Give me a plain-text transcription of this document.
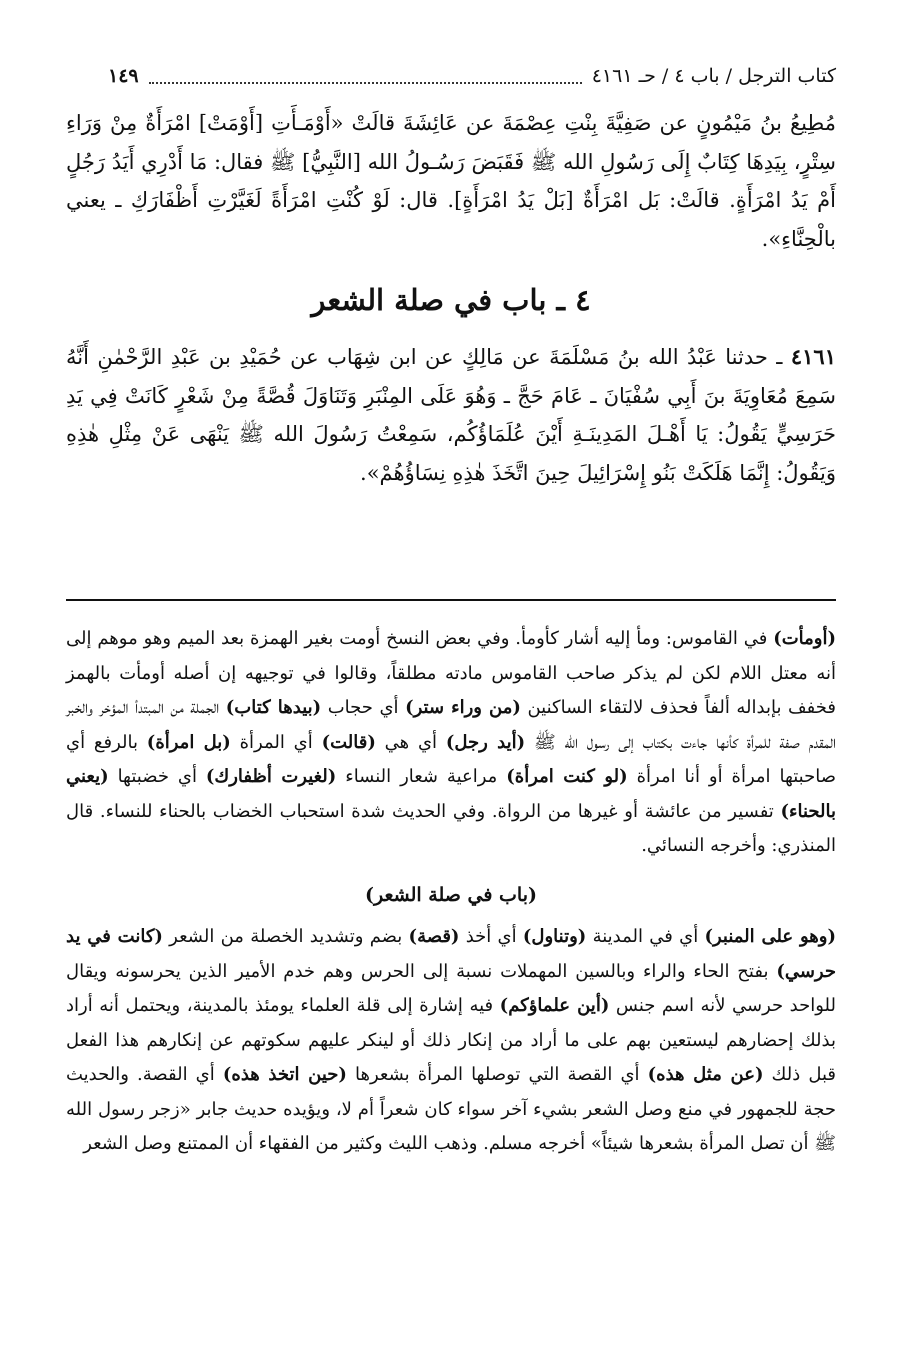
كتاب الترجل / باب ٤ / حـ ٤١٦١
١٤٩

مُطِيعُ بنُ مَيْمُونٍ عن صَفِيَّةَ بِنْتِ عِصْمَةَ عن عَائِشَةَ قالَتْ «أَوْمَـأَتِ [أَوْمَتْ] امْرَأَةٌ مِنْ وَرَاءِ سِتْرٍ، بِيَدِهَا كِتَابٌ إِلَى رَسُولِ الله ﷺ فَقَبَضَ رَسُـولُ الله [النَّبِيُّ] ﷺ فقال: مَا أَدْرِي أَيَدُ رَجُلٍ أَمْ يَدُ امْرَأَةٍ. قالَتْ: بَل امْرَأَةٌ [بَلْ يَدُ امْرَأَةٍ]. قال: لَوْ كُنْتِ امْرَأَةً لَغَيَّرْتِ أَظْفَارَكِ ـ يعني بالْحِنَّاءِ».

٤ ـ باب في صلة الشعر

٤١٦١ ـ حدثنا عَبْدُ الله بنُ مَسْلَمَةَ عن مَالِكٍ عن ابن شِهَاب عن حُمَيْدِ بن عَبْدِ الرَّحْمٰنِ أَنَّهُ سَمِعَ مُعَاوِيَةَ بنَ أَبِي سُفْيَانَ ـ عَامَ حَجَّ ـ وَهُوَ عَلَى المِنْبَرِ وَتَنَاوَلَ قُصَّةً مِنْ شَعْرٍ كَانَتْ فِي يَدِ حَرَسِيٍّ يَقُولُ: يَا أَهْـلَ المَدِينَـةِ أَيْنَ عُلَمَاؤُكُم، سَمِعْتُ رَسُولَ الله ﷺ يَنْهَى عَنْ مِثْلِ هٰذِهِ وَيَقُولُ: إِنَّمَا هَلَكَتْ بَنُو إِسْرَائِيلَ حِينَ اتَّخَذَ هٰذِهِ نِسَاؤُهُمْ».

(أومأت) في القاموس: ومأ إليه أشار كأومأ. وفي بعض النسخ أومت بغير الهمزة بعد الميم وهو موهم إلى أنه معتل اللام لكن لم يذكر صاحب القاموس مادته مطلقاً، وقالوا في توجيهه إن أصله أومأت بالهمز فخفف بإبداله ألفاً فحذف لالتقاء الساكنين (من وراء ستر) أي حجاب (بيدها كتاب) الجملة من المبتدأ المؤخر والخبر المقدم صفة للمرأة كأنها جاءت بكتاب إلى رسول الله ﷺ (أيد رجل) أي هي (قالت) أي المرأة (بل امرأة) بالرفع أي صاحبتها امرأة أو أنا امرأة (لو كنت امرأة) مراعية شعار النساء (لغيرت أظفارك) أي خضبتها (يعني بالحناء) تفسير من عائشة أو غيرها من الرواة. وفي الحديث شدة استحباب الخضاب بالحناء للنساء. قال المنذري: وأخرجه النسائي.

(باب في صلة الشعر)

(وهو على المنبر) أي في المدينة (وتناول) أي أخذ (قصة) بضم وتشديد الخصلة من الشعر (كانت في يد حرسي) بفتح الحاء والراء وبالسين المهملات نسبة إلى الحرس وهم خدم الأمير الذين يحرسونه ويقال للواحد حرسي لأنه اسم جنس (أين علماؤكم) فيه إشارة إلى قلة العلماء يومئذ بالمدينة، ويحتمل أنه أراد بذلك إحضارهم ليستعين بهم على ما أراد من إنكار ذلك أو لينكر عليهم سكوتهم عن إنكارهم هذا الفعل قبل ذلك (عن مثل هذه) أي القصة التي توصلها المرأة بشعرها (حين اتخذ هذه) أي القصة. والحديث حجة للجمهور في منع وصل الشعر بشيء آخر سواء كان شعراً أم لا، ويؤيده حديث جابر «زجر رسول الله ﷺ أن تصل المرأة بشعرها شيئاً» أخرجه مسلم. وذهب الليث وكثير من الفقهاء أن الممتنع وصل الشعر
